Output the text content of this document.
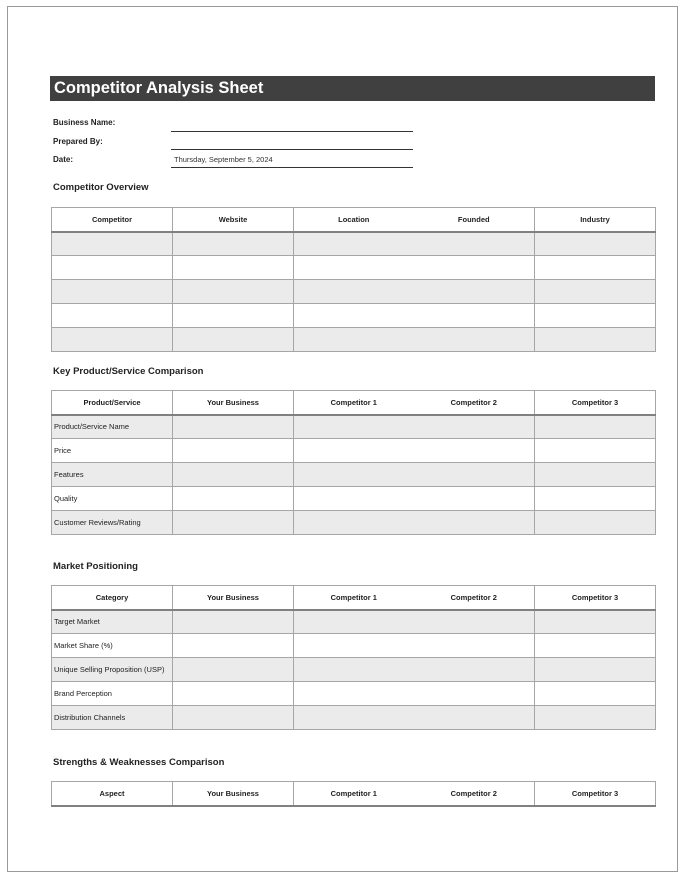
Competitor Analysis Sheet
Business Name:
Prepared By:
Date:	Thursday, September 5, 2024
Competitor Overview
Competitor	Website	Location	Founded	Industry

Key Product/Service Comparison
Product/Service	Your Business	Competitor 1	Competitor 2	Competitor 3
Product/Service Name				
Price				
Features				
Quality				
Customer Reviews/Rating				
Market Positioning
Category	Your Business	Competitor 1	Competitor 2	Competitor 3
Target Market				
Market Share (%)				
Unique Selling Proposition (USP)				
Brand Perception				
Distribution Channels				
Strengths & Weaknesses Comparison
Aspect	Your Business	Competitor 1	Competitor 2	Competitor 3
